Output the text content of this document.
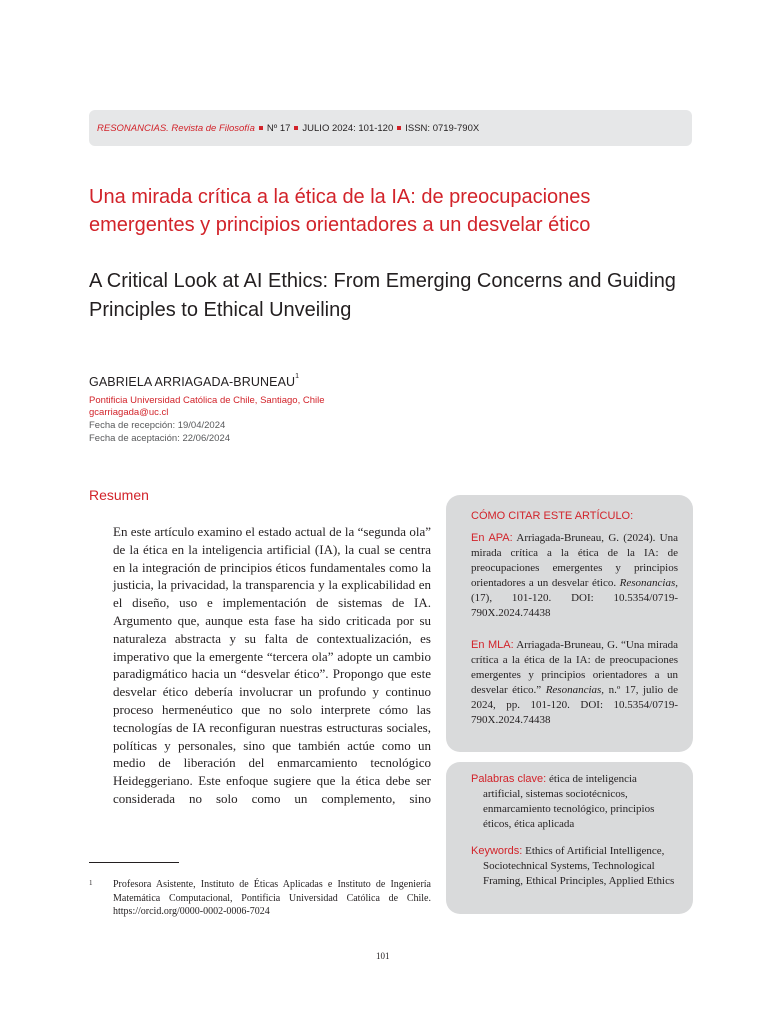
RESONANCIAS. Revista de Filosofía Nº 17 JULIO 2024: 101-120 ISSN: 0719-790X
Una mirada crítica a la ética de la IA: de preocupaciones emergentes y principios orientadores a un desvelar ético
A Critical Look at AI Ethics: From Emerging Concerns and Guiding Principles to Ethical Unveiling
GABRIELA ARRIAGADA-BRUNEAU$^1$
Pontificia Universidad Católica de Chile, Santiago, Chile
gcarriagada@uc.cl
Fecha de recepción: 19/04/2024
Fecha de aceptación: 22/06/2024
Resumen

En este artículo examino el estado actual de la “segunda ola” de la ética en la inteligencia artificial (IA), la cual se centra en la integración de principios éticos fundamentales como la justicia, la privacidad, la transparencia y la explicabilidad en el diseño, uso e implementación de sistemas de IA. Argumento que, aunque esta fase ha sido criticada por su naturaleza abstracta y su falta de contextualización, es imperativo que la emergente “tercera ola” adopte un cambio paradigmático hacia un “desvelar ético”. Propongo que este desvelar ético debería involucrar un profundo y continuo proceso hermenéutico que no solo interprete cómo las tecnologías de IA reconfiguran nuestras estructuras sociales, políticas y personales, sino que también actúe como un medio de liberación del enmarcamiento tecnológico Heideggeriano. Este enfoque sugiere que la ética debe ser considerada no solo como un complemento, sino

1 Profesora Asistente, Instituto de Éticas Aplicadas e Instituto de Ingeniería Matemática Computacional, Pontificia Universidad Católica de Chile. https://orcid.org/0000-0002-0006-7024

101
CÓMO CITAR ESTE ARTÍCULO:

En APA: Arriagada-Bruneau, G. (2024). Una mirada crítica a la ética de la IA: de preocupaciones emergentes y principios orientadores a un desvelar ético. Resonancias, (17), 101-120. DOI: 10.5354/0719-790X.2024.74438

En MLA: Arriagada-Bruneau, G. “Una mirada crítica a la ética de la IA: de preocupaciones emergentes y principios orientadores a un desvelar ético.” Resonancias, n.º 17, julio de 2024, pp. 101-120. DOI: 10.5354/0719-790X.2024.74438

Palabras clave: ética de inteligencia artificial, sistemas sociotécnicos, enmarcamiento tecnológico, principios éticos, ética aplicada

Keywords: Ethics of Artificial Intelligence, Sociotechnical Systems, Technological Framing, Ethical Principles, Applied Ethics
